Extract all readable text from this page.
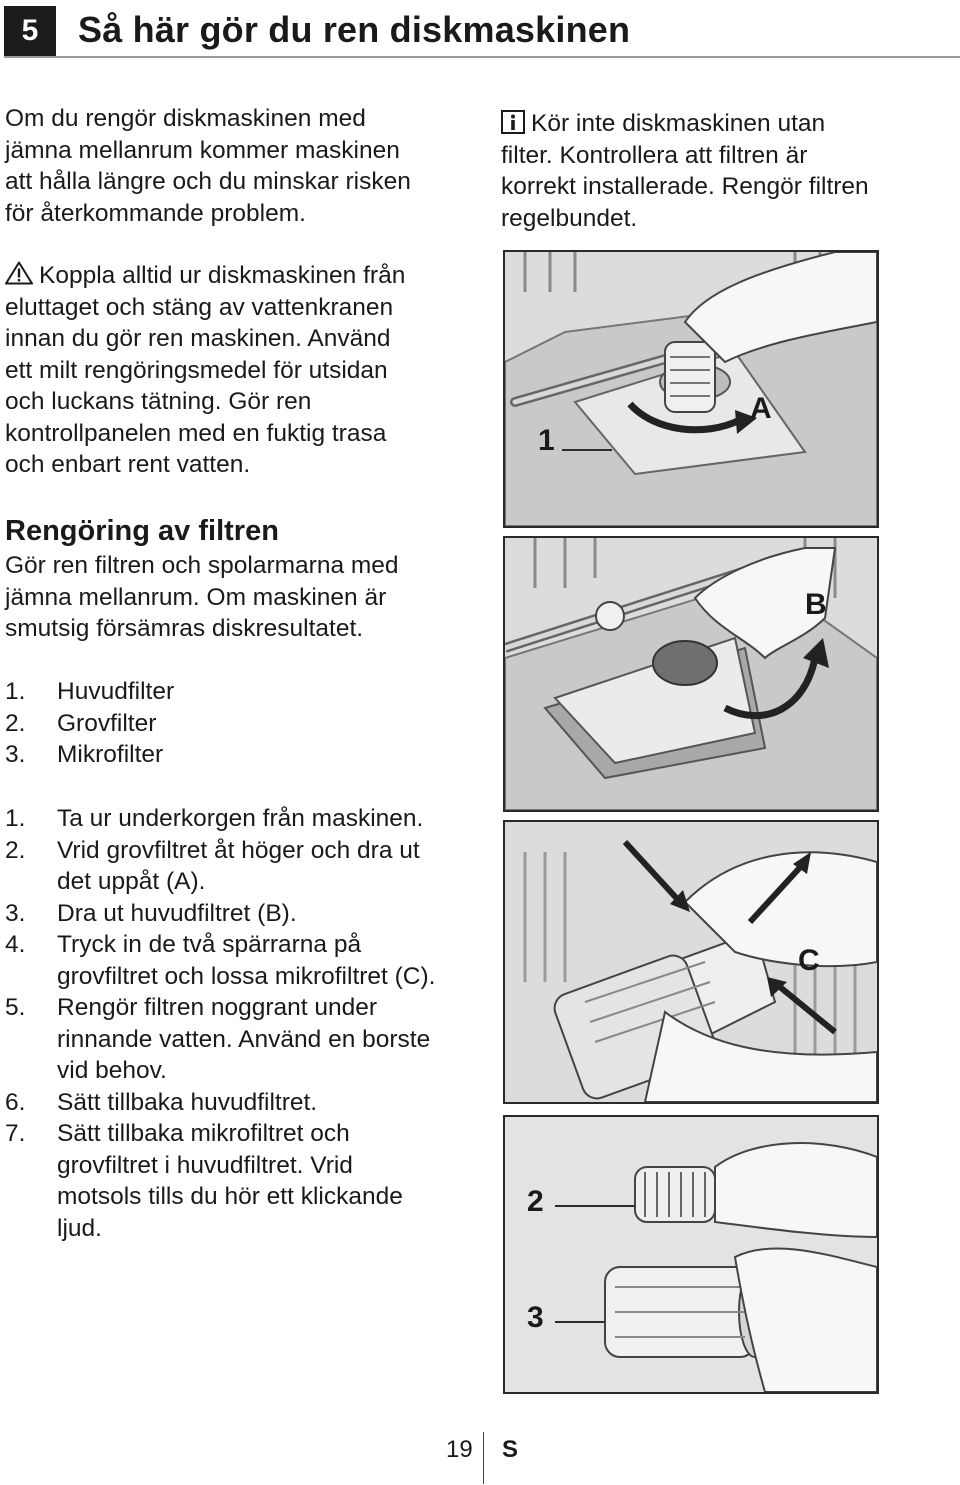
5 Så här gör du ren diskmaskinen
Om du rengör diskmaskinen med
jämna mellanrum kommer maskinen
att hålla längre och du minskar risken
för återkommande problem.
Koppla alltid ur diskmaskinen från
eluttaget och stäng av vattenkranen
innan du gör ren maskinen. Använd
ett milt rengöringsmedel för utsidan
och luckans tätning. Gör ren
kontrollpanelen med en fuktig trasa
och enbart rent vatten.
Rengöring av filtren
Gör ren filtren och spolarmarna med
jämna mellanrum. Om maskinen är
smutsig försämras diskresultatet.
1. Huvudfilter
2. Grovfilter
3. Mikrofilter
1. Ta ur underkorgen från maskinen.
2. Vrid grovfiltret åt höger och dra ut
det uppåt (A).
3. Dra ut huvudfiltret (B).
4. Tryck in de två spärrarna på
grovfiltret och lossa mikrofiltret (C).
5. Rengör filtren noggrant under
rinnande vatten. Använd en borste
vid behov.
6. Sätt tillbaka huvudfiltret.
7. Sätt tillbaka mikrofiltret och
grovfiltret i huvudfiltret. Vrid
motsols tills du hör ett klickande
ljud.
Kör inte diskmaskinen utan
filter. Kontrollera att filtren är
korrekt installerade. Rengör filtren
regelbundet.
1
A
B
C
2
3
19 S
